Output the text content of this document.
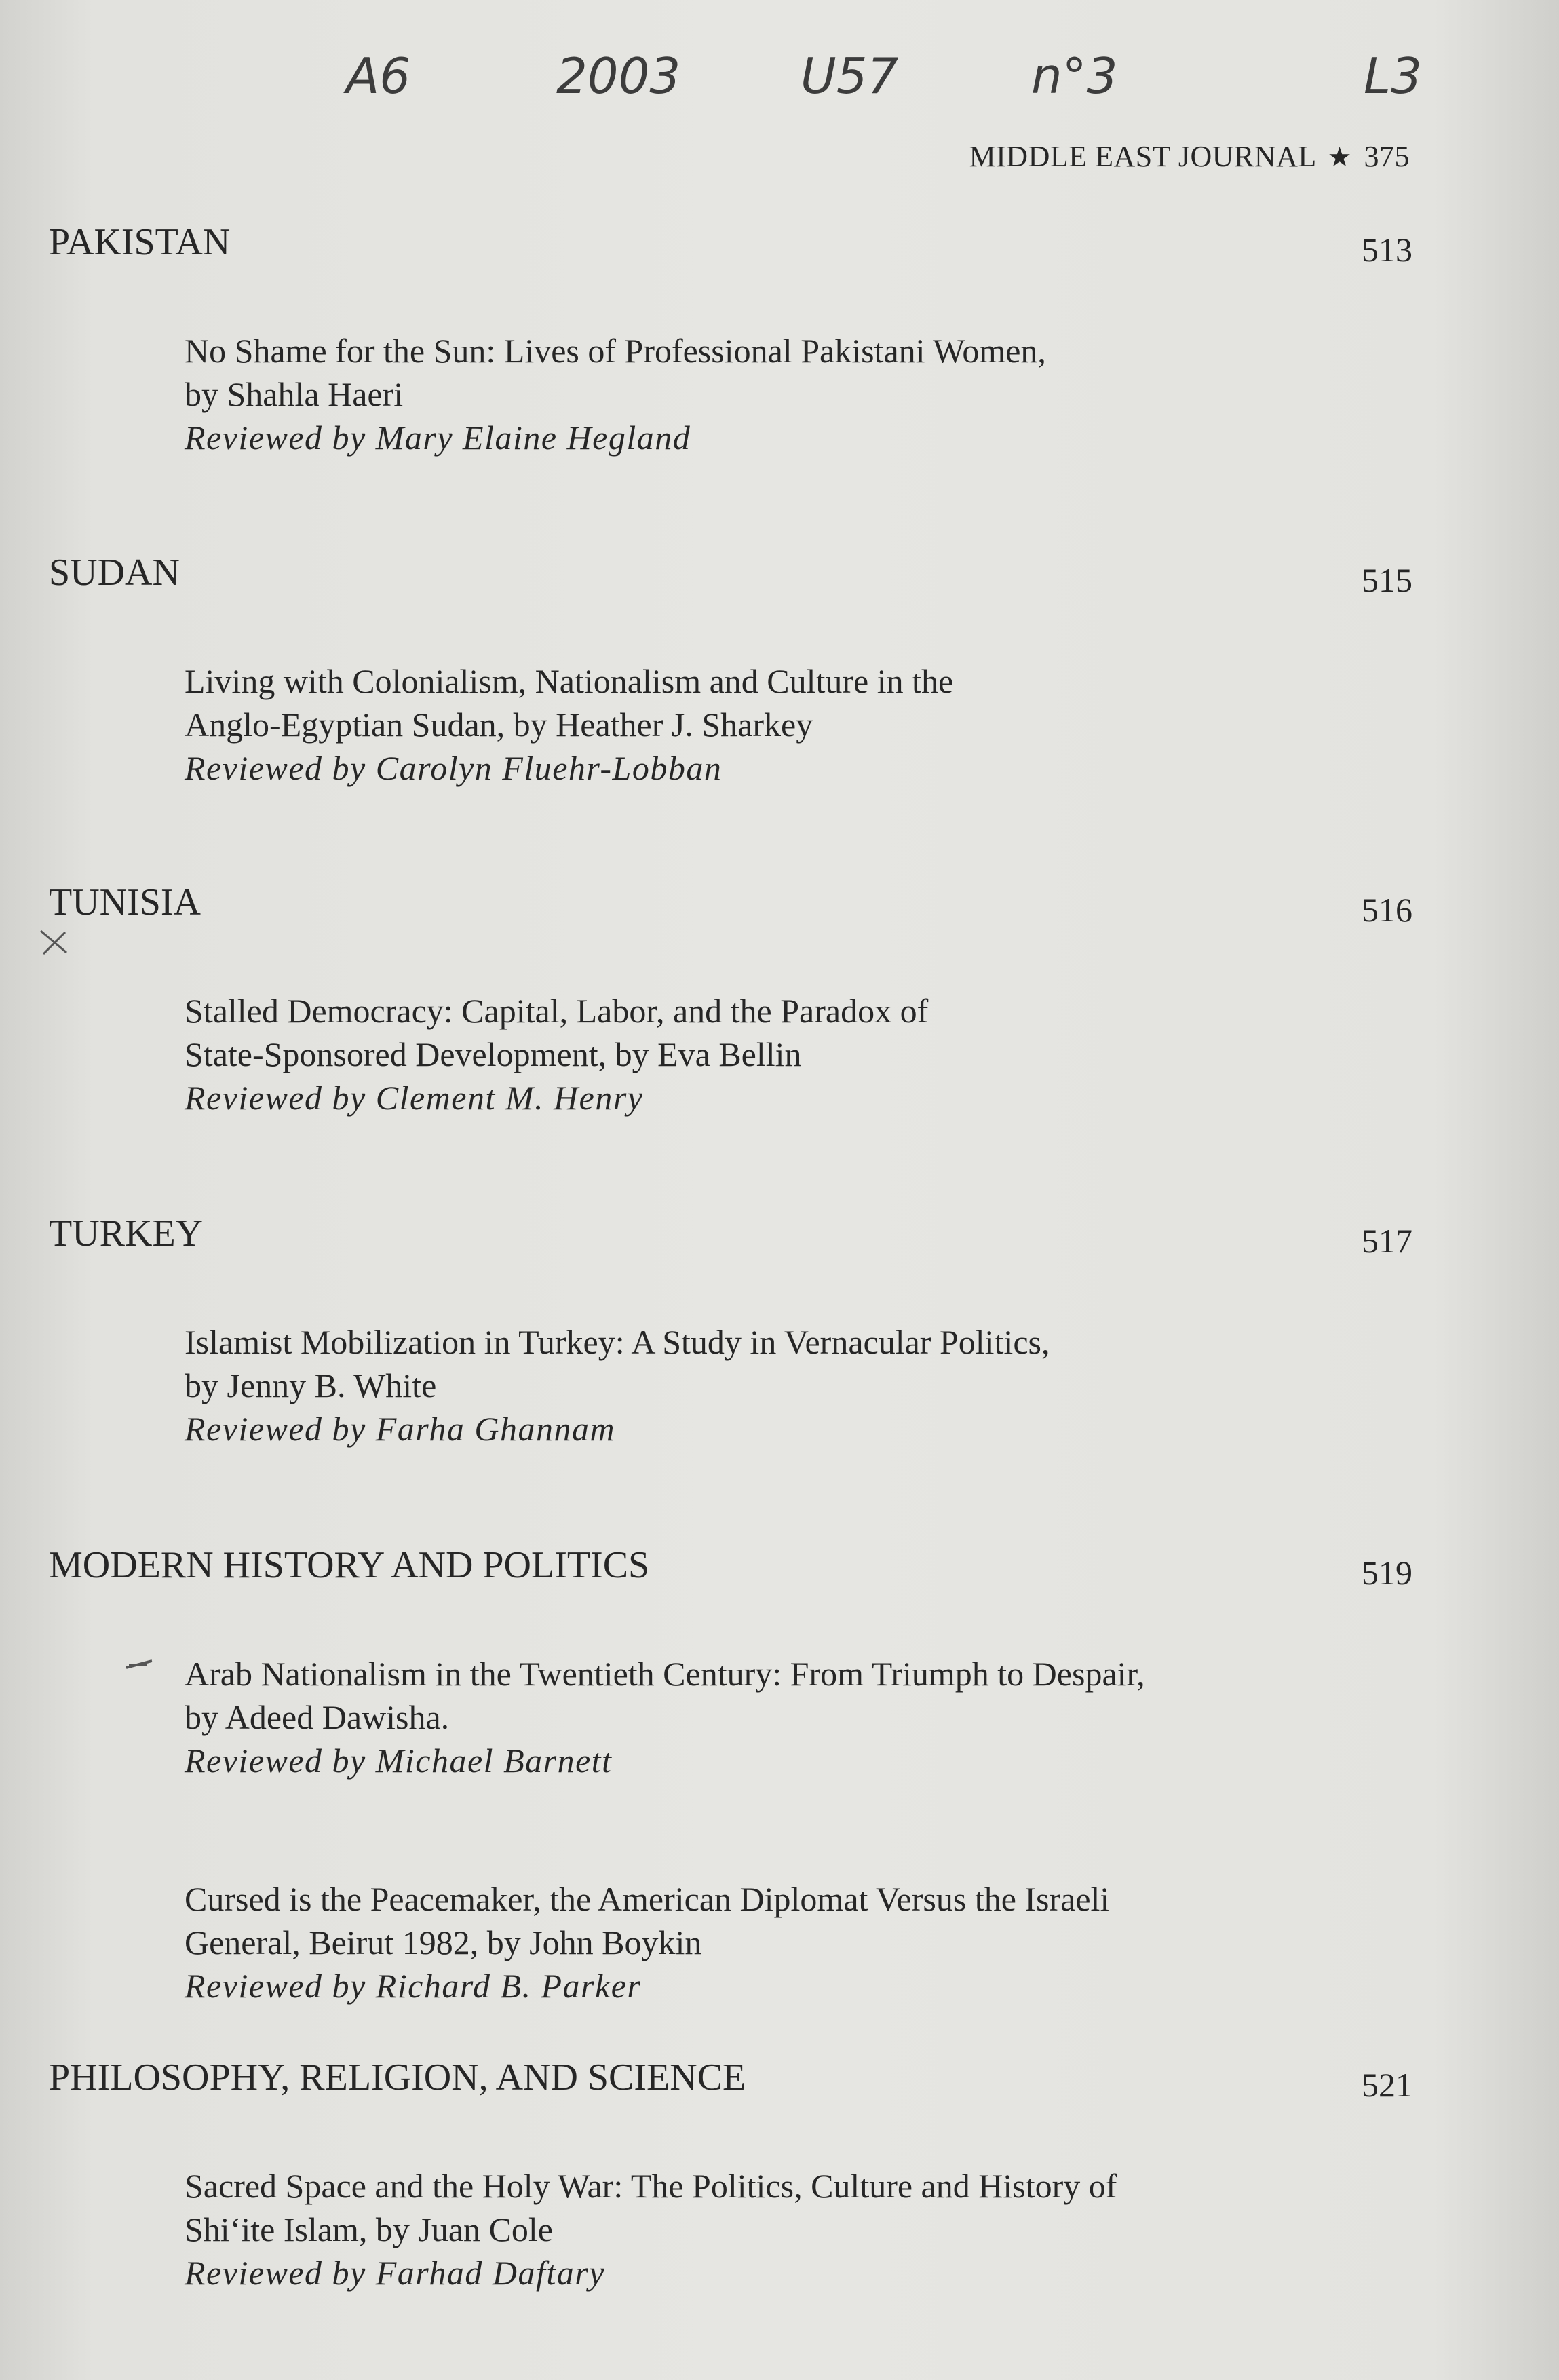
A6	2003 U57	n°3	L3
MIDDLE EAST JOURNAL ★ 375
PAKISTAN	513
No Shame for the Sun: Lives of Professional Pakistani Women,
by Shahla Haeri
Reviewed by Mary Elaine Hegland
SUDAN	515
Living with Colonialism, Nationalism and Culture in the
Anglo-Egyptian Sudan, by Heather J. Sharkey
Reviewed by Carolyn Fluehr-Lobban
TUNISIA	516
Stalled Democracy: Capital, Labor, and the Paradox of
State-Sponsored Development, by Eva Bellin
Reviewed by Clement M. Henry
TURKEY	517
Islamist Mobilization in Turkey: A Study in Vernacular Politics,
by Jenny B. White
Reviewed by Farha Ghannam
MODERN HISTORY AND POLITICS	519
Arab Nationalism in the Twentieth Century: From Triumph to Despair,
by Adeed Dawisha.
Reviewed by Michael Barnett
Cursed is the Peacemaker, the American Diplomat Versus the Israeli
General, Beirut 1982, by John Boykin
Reviewed by Richard B. Parker
PHILOSOPHY, RELIGION, AND SCIENCE	521
Sacred Space and the Holy War: The Politics, Culture and History of
Shi‘ite Islam, by Juan Cole
Reviewed by Farhad Daftary
